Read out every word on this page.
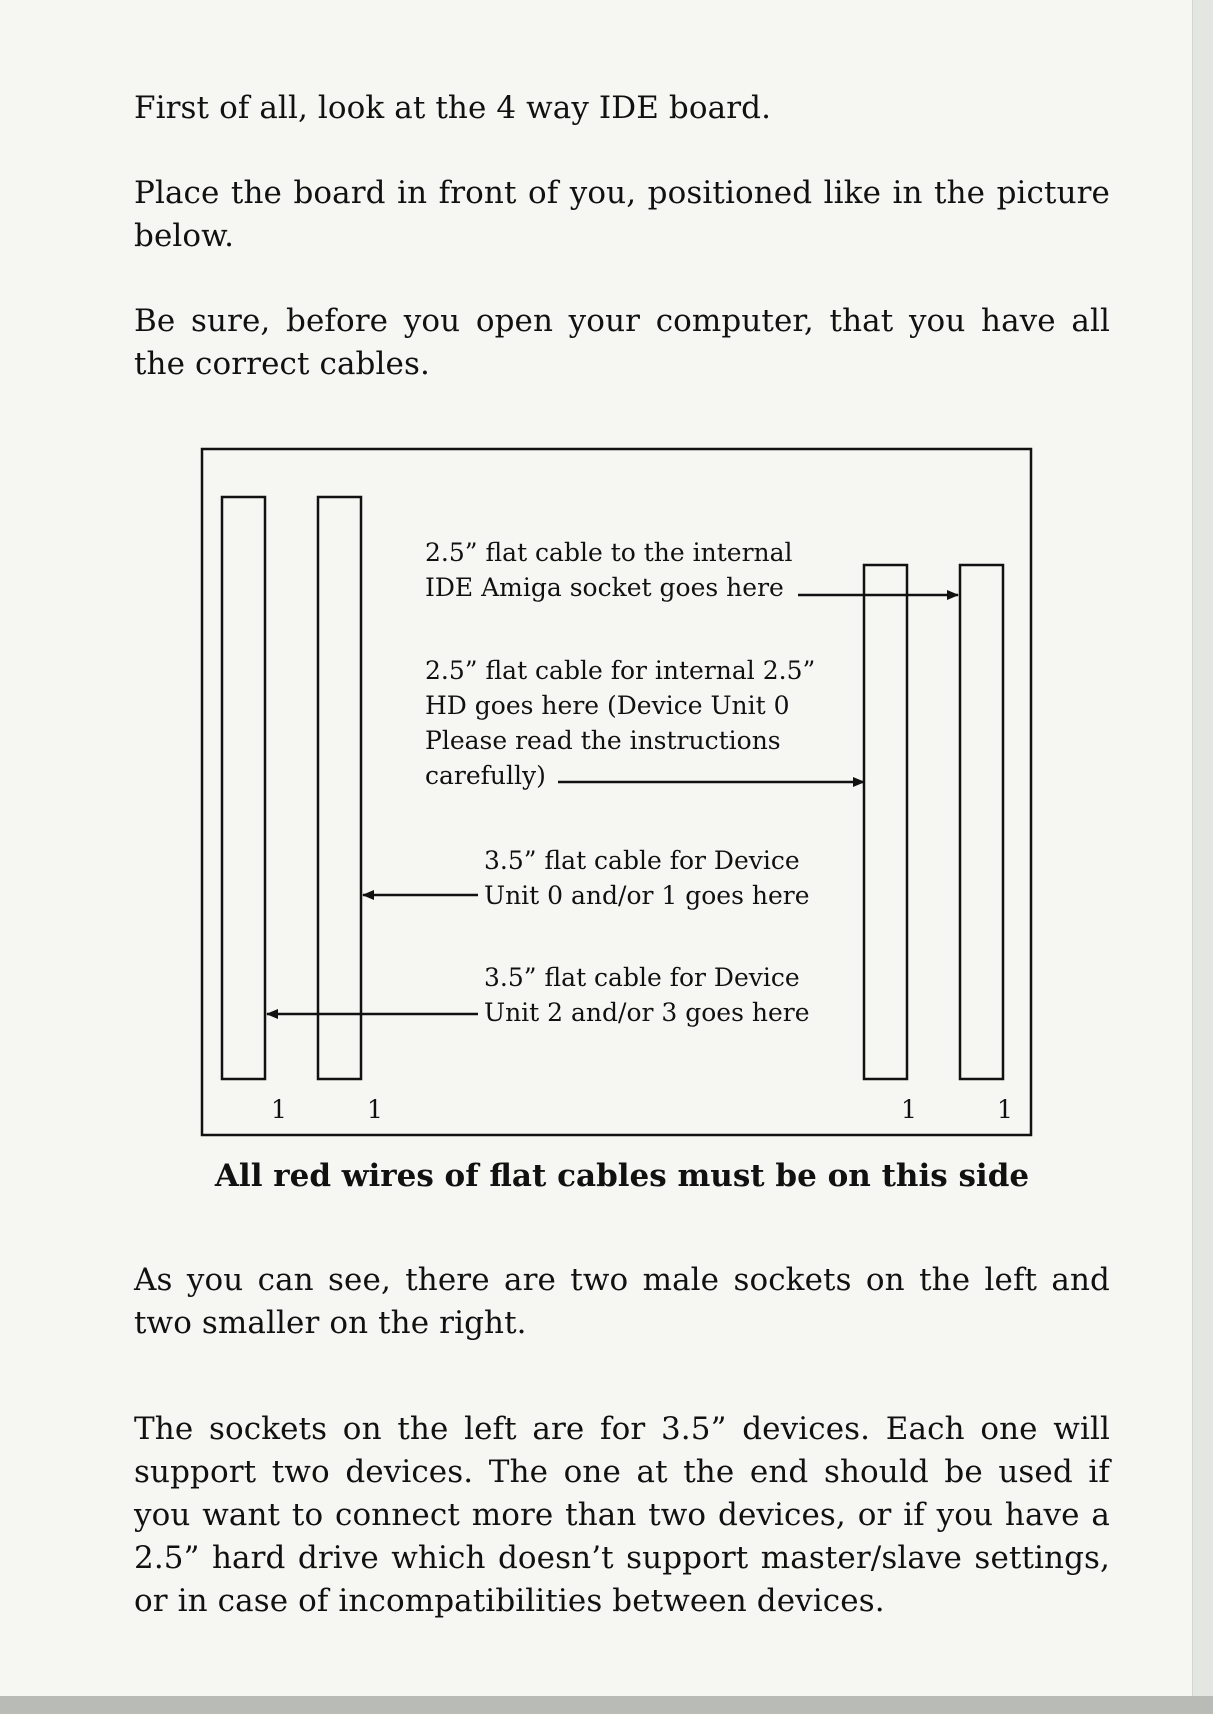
First of all, look at the 4 way IDE board.

Place the board in front of you, positioned like in the picture below.

Be sure, before you open your computer, that you have all the correct cables.

2.5” flat cable to the internal
IDE Amiga socket goes here

2.5” flat cable for internal 2.5”
HD goes here (Device Unit 0
Please read the instructions
carefully)

3.5” flat cable for Device
Unit 0 and/or 1 goes here

3.5” flat cable for Device
Unit 2 and/or 3 goes here

1	1	1	1

All red wires of flat cables must be on this side

As you can see, there are two male sockets on the left and two smaller on the right.

The sockets on the left are for 3.5” devices. Each one will support two devices. The one at the end should be used if you want to connect more than two devices, or if you have a 2.5” hard drive which doesn’t support master/slave settings, or in case of incompatibilities between devices.
